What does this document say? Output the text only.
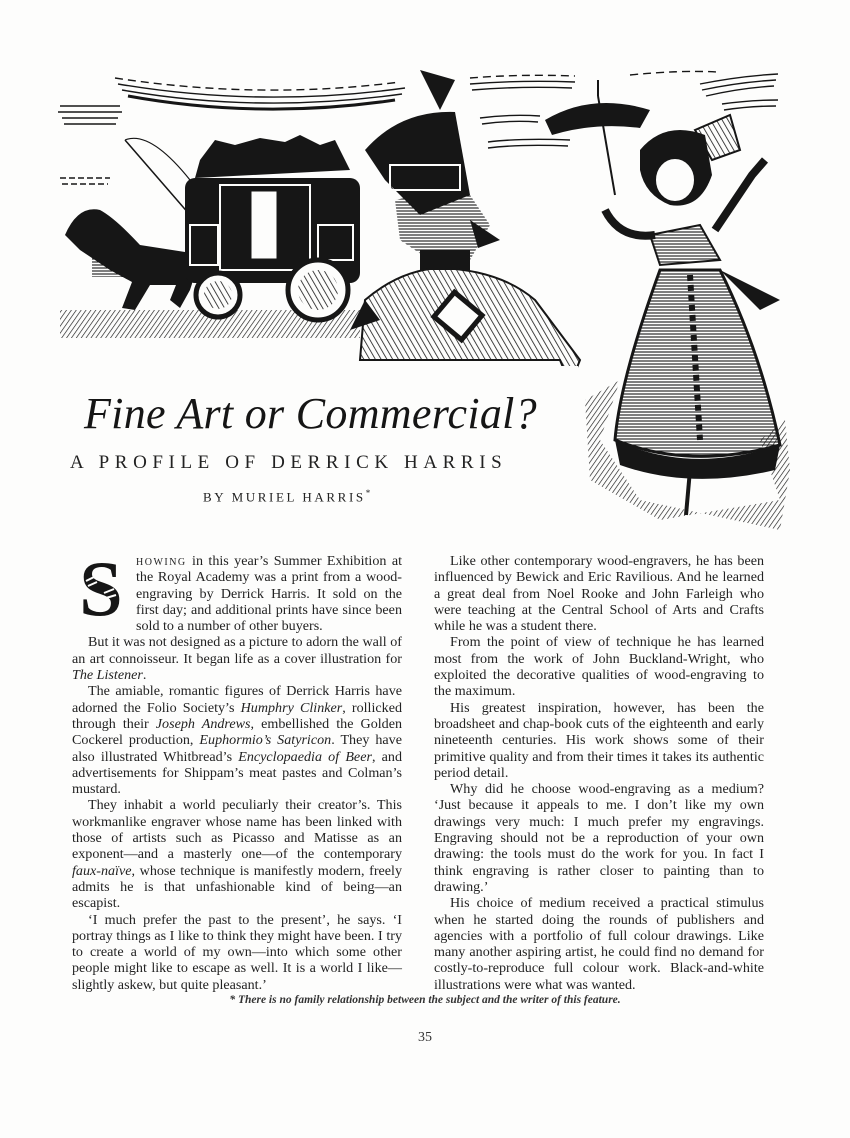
Fine Art or Commercial?
A PROFILE OF DERRICK HARRIS
BY MURIEL HARRIS*

S howing in this year’s Summer Exhibition at the Royal Academy was a print from a wood-engraving by Derrick Harris. It sold on the first day; and additional prints have since been sold to a number of other buyers.

But it was not designed as a picture to adorn the wall of an art connoisseur. It began life as a cover illustration for The Listener.

The amiable, romantic figures of Derrick Harris have adorned the Folio Society’s Humphry Clinker, rollicked through their Joseph Andrews, embellished the Golden Cockerel production, Euphormio’s Satyricon. They have also illustrated Whitbread’s Encyclopaedia of Beer, and advertisements for Shippam’s meat pastes and Colman’s mustard.

They inhabit a world peculiarly their creator’s. This workmanlike engraver whose name has been linked with those of artists such as Picasso and Matisse as an exponent—and a masterly one—of the contemporary faux-naïve, whose technique is manifestly modern, freely admits he is that unfashionable kind of being—an escapist.

‘I much prefer the past to the present’, he says. ‘I portray things as I like to think they might have been. I try to create a world of my own—into which some other people might like to escape as well. It is a world I like—slightly askew, but quite pleasant.’

Like other contemporary wood-engravers, he has been influenced by Bewick and Eric Ravilious. And he learned a great deal from Noel Rooke and John Farleigh who were teaching at the Central School of Arts and Crafts while he was a student there.

From the point of view of technique he has learned most from the work of John Buckland-Wright, who exploited the decorative qualities of wood-engraving to the maximum.

His greatest inspiration, however, has been the broadsheet and chap-book cuts of the eighteenth and early nineteenth centuries. His work shows some of their primitive quality and from their times it takes its authentic period detail.

Why did he choose wood-engraving as a medium? ‘Just because it appeals to me. I don’t like my own drawings very much: I much prefer my engravings. Engraving should not be a reproduction of your own drawing: the tools must do the work for you. In fact I think engraving is rather closer to painting than to drawing.’

His choice of medium received a practical stimulus when he started doing the rounds of publishers and agencies with a portfolio of full colour drawings. Like many another aspiring artist, he could find no demand for costly-to-reproduce full colour work. Black-and-white illustrations were what was wanted.

* There is no family relationship between the subject and the writer of this feature.
35
